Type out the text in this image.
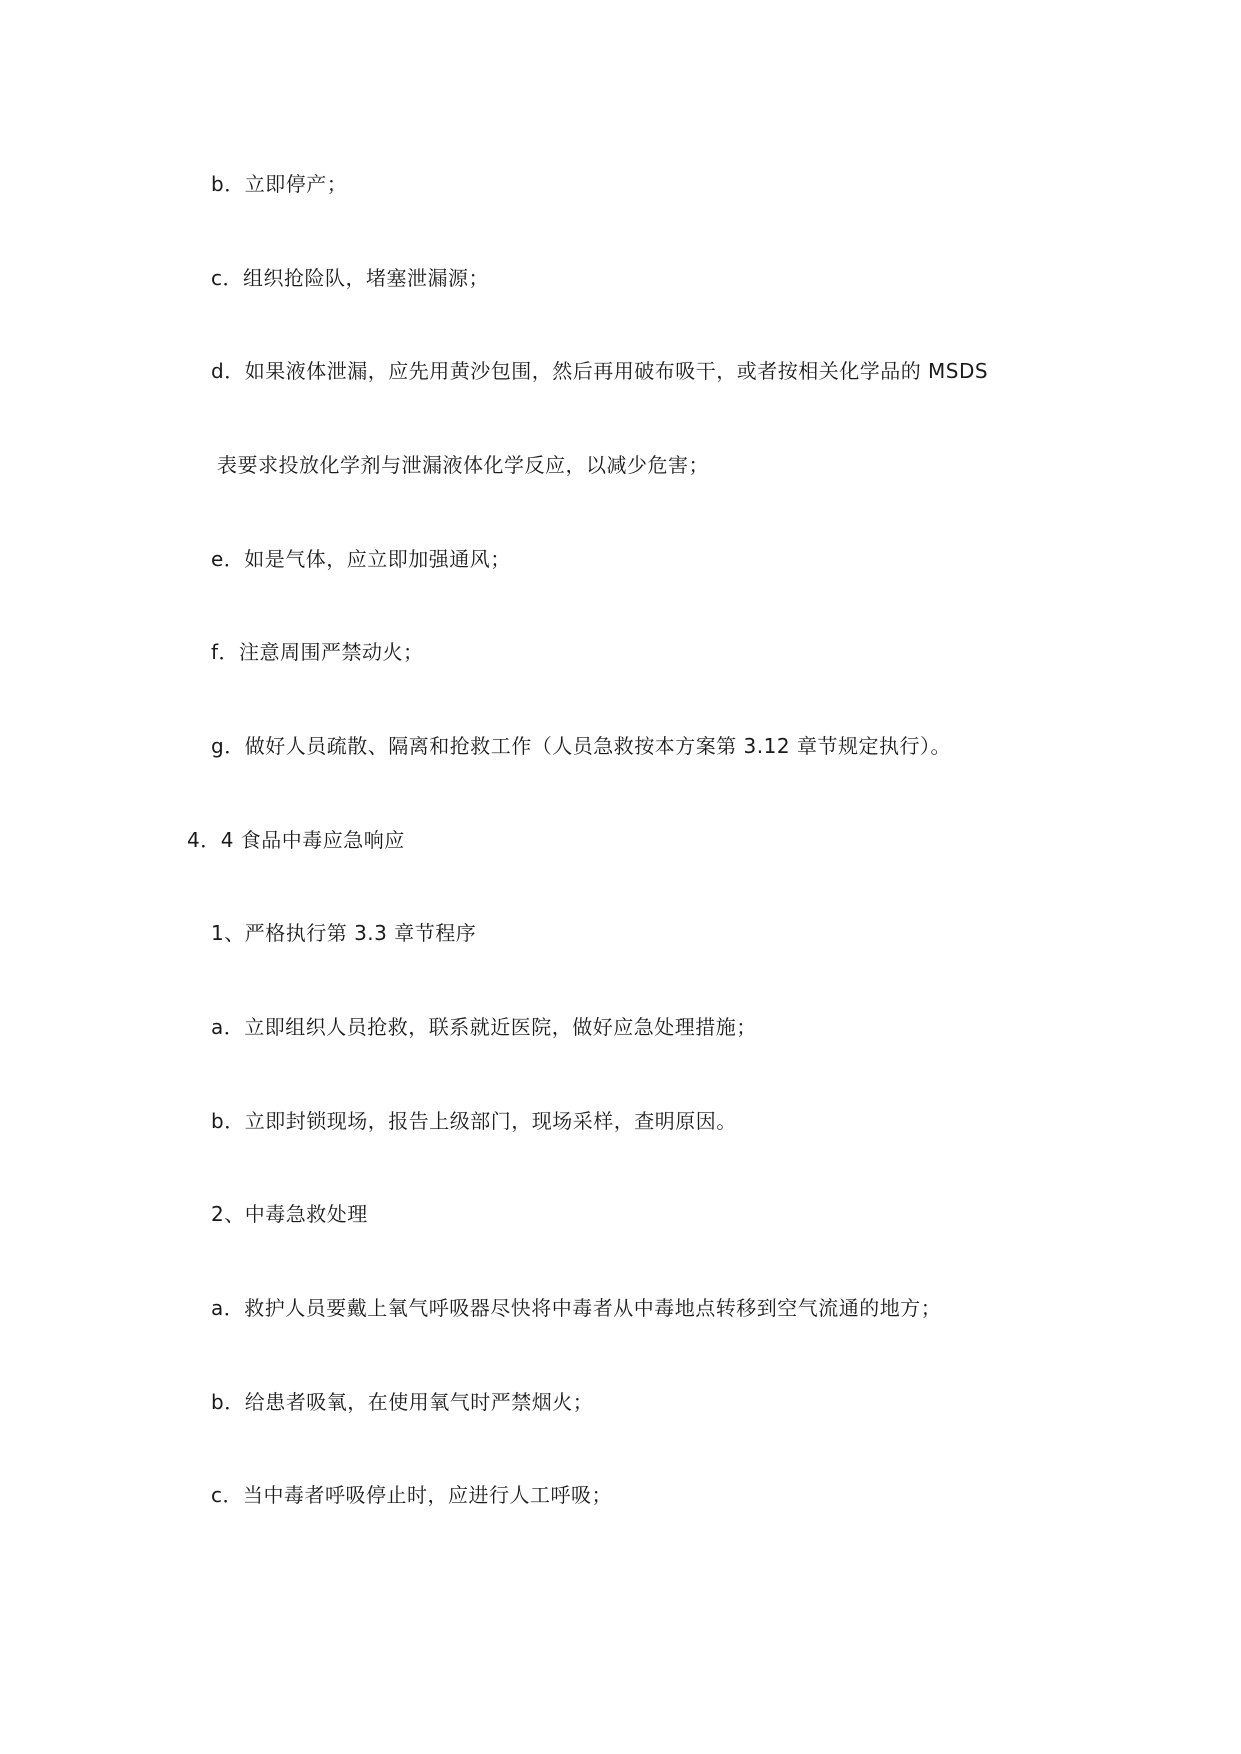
b．立即停产；
c．组织抢险队，堵塞泄漏源；
d．如果液体泄漏，应先用黄沙包围，然后再用破布吸干，或者按相关化学品的 MSDS
表要求投放化学剂与泄漏液体化学反应，以减少危害；
e．如是气体，应立即加强通风；
f．注意周围严禁动火；
g．做好人员疏散、隔离和抢救工作（人员急救按本方案第 3.12 章节规定执行）。
4．4 食品中毒应急响应
1、严格执行第 3.3 章节程序
a．立即组织人员抢救，联系就近医院，做好应急处理措施；
b．立即封锁现场，报告上级部门，现场采样，查明原因。
2、中毒急救处理
a．救护人员要戴上氧气呼吸器尽快将中毒者从中毒地点转移到空气流通的地方；
b．给患者吸氧，在使用氧气时严禁烟火；
c．当中毒者呼吸停止时，应进行人工呼吸；
